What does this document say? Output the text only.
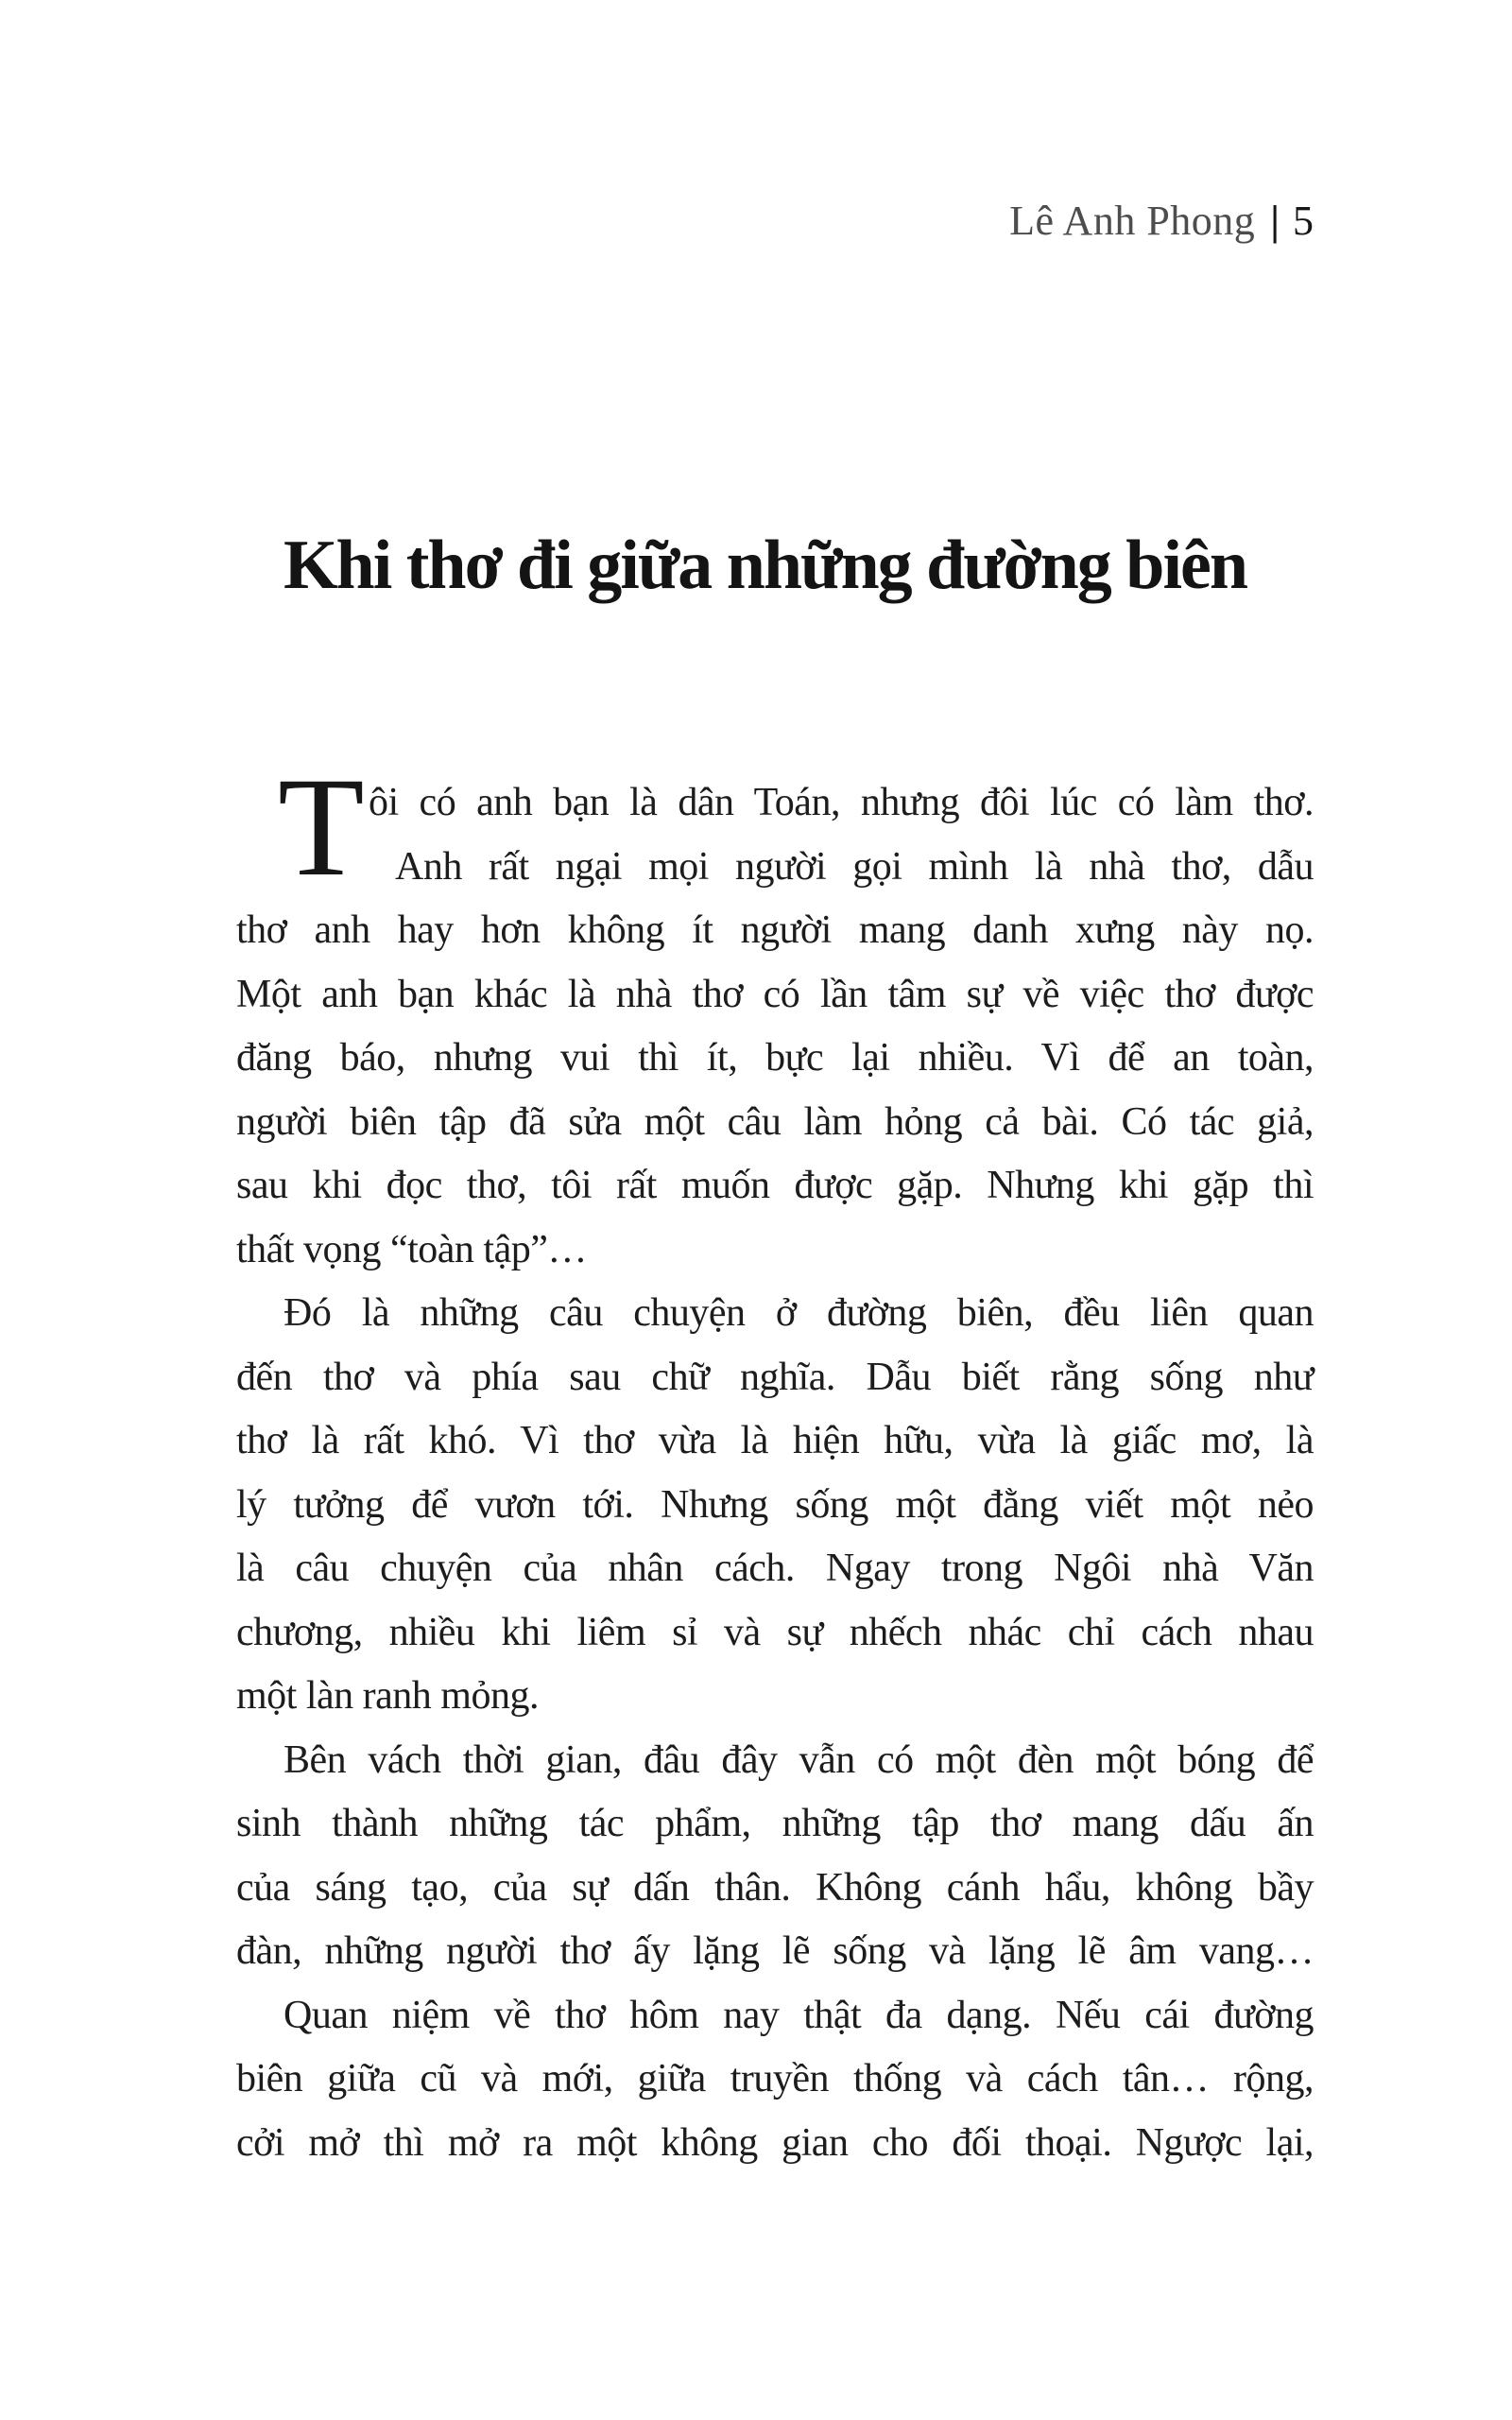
Lê Anh Phong | 5
Khi thơ đi giữa những đường biên
T ôi có anh bạn là dân Toán, nhưng đôi lúc có làm thơ.
Anh rất ngại mọi người gọi mình là nhà thơ, dẫu
thơ anh hay hơn không ít người mang danh xưng này nọ.
Một anh bạn khác là nhà thơ có lần tâm sự về việc thơ được
đăng báo, nhưng vui thì ít, bực lại nhiều. Vì để an toàn,
người biên tập đã sửa một câu làm hỏng cả bài. Có tác giả,
sau khi đọc thơ, tôi rất muốn được gặp. Nhưng khi gặp thì
thất vọng “toàn tập”…
Đó là những câu chuyện ở đường biên, đều liên quan
đến thơ và phía sau chữ nghĩa. Dẫu biết rằng sống như
thơ là rất khó. Vì thơ vừa là hiện hữu, vừa là giấc mơ, là
lý tưởng để vươn tới. Nhưng sống một đằng viết một nẻo
là câu chuyện của nhân cách. Ngay trong Ngôi nhà Văn
chương, nhiều khi liêm sỉ và sự nhếch nhác chỉ cách nhau
một làn ranh mỏng.
Bên vách thời gian, đâu đây vẫn có một đèn một bóng để
sinh thành những tác phẩm, những tập thơ mang dấu ấn
của sáng tạo, của sự dấn thân. Không cánh hẩu, không bầy
đàn, những người thơ ấy lặng lẽ sống và lặng lẽ âm vang…
Quan niệm về thơ hôm nay thật đa dạng. Nếu cái đường
biên giữa cũ và mới, giữa truyền thống và cách tân… rộng,
cởi mở thì mở ra một không gian cho đối thoại. Ngược lại,
